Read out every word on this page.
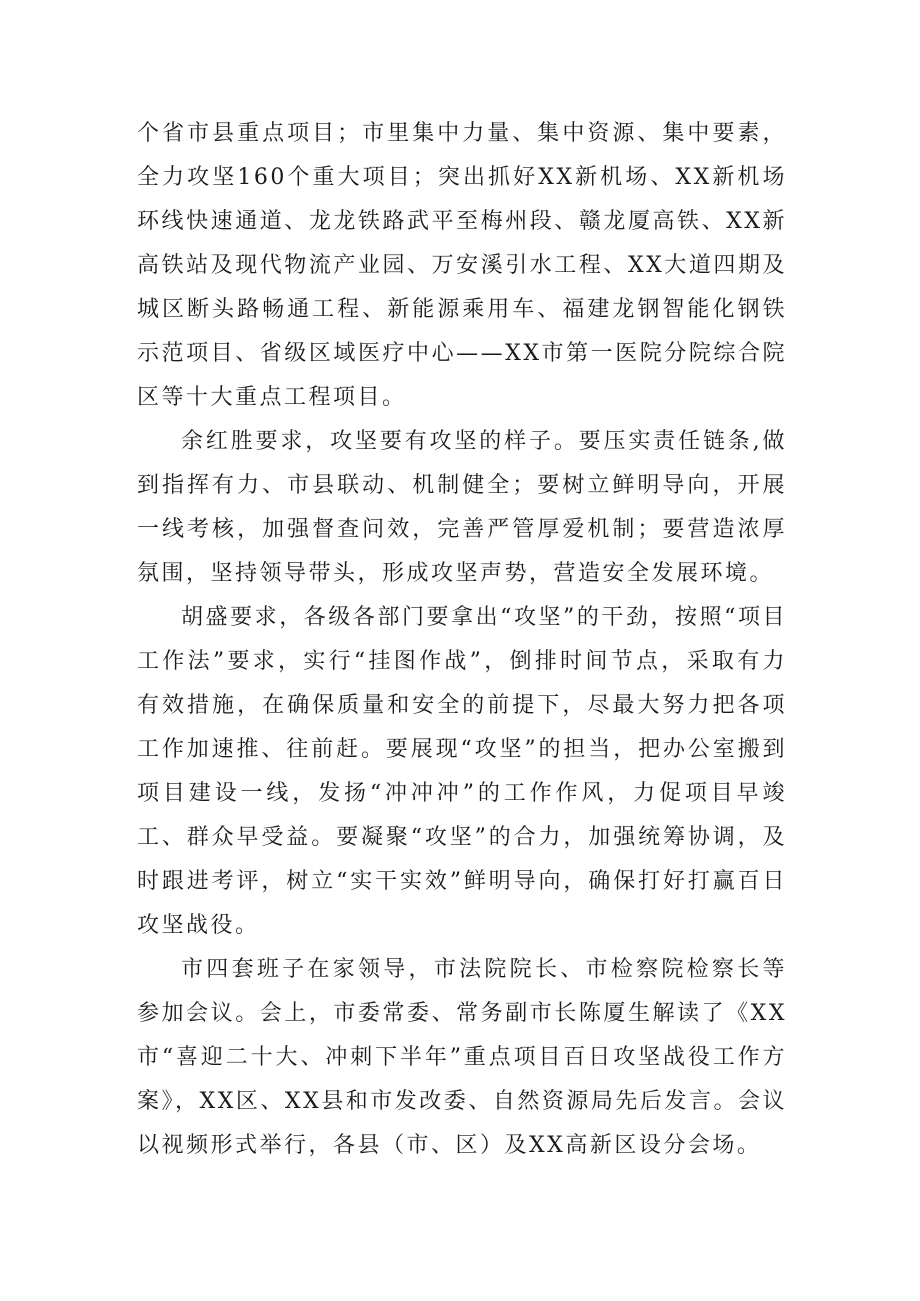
个省市县重点项目；市里集中力量、集中资源、集中要素，全力攻坚160个重大项目；突出抓好XX新机场、XX新机场环线快速通道、龙龙铁路武平至梅州段、赣龙厦高铁、XX新高铁站及现代物流产业园、万安溪引水工程、XX大道四期及城区断头路畅通工程、新能源乘用车、福建龙钢智能化钢铁示范项目、省级区域医疗中心——XX市第一医院分院综合院区等十大重点工程项目。

余红胜要求，攻坚要有攻坚的样子。要压实责任链条,做到指挥有力、市县联动、机制健全；要树立鲜明导向，开展一线考核，加强督查问效，完善严管厚爱机制；要营造浓厚氛围，坚持领导带头，形成攻坚声势，营造安全发展环境。

胡盛要求，各级各部门要拿出“攻坚”的干劲，按照“项目工作法”要求，实行“挂图作战”，倒排时间节点，采取有力有效措施，在确保质量和安全的前提下，尽最大努力把各项工作加速推、往前赶。要展现“攻坚”的担当，把办公室搬到项目建设一线，发扬“冲冲冲”的工作作风，力促项目早竣工、群众早受益。要凝聚“攻坚”的合力，加强统筹协调，及时跟进考评，树立“实干实效”鲜明导向，确保打好打赢百日攻坚战役。

市四套班子在家领导，市法院院长、市检察院检察长等参加会议。会上，市委常委、常务副市长陈厦生解读了《XX市“喜迎二十大、冲刺下半年”重点项目百日攻坚战役工作方案》，XX区、XX县和市发改委、自然资源局先后发言。会议以视频形式举行，各县（市、区）及XX高新区设分会场。
